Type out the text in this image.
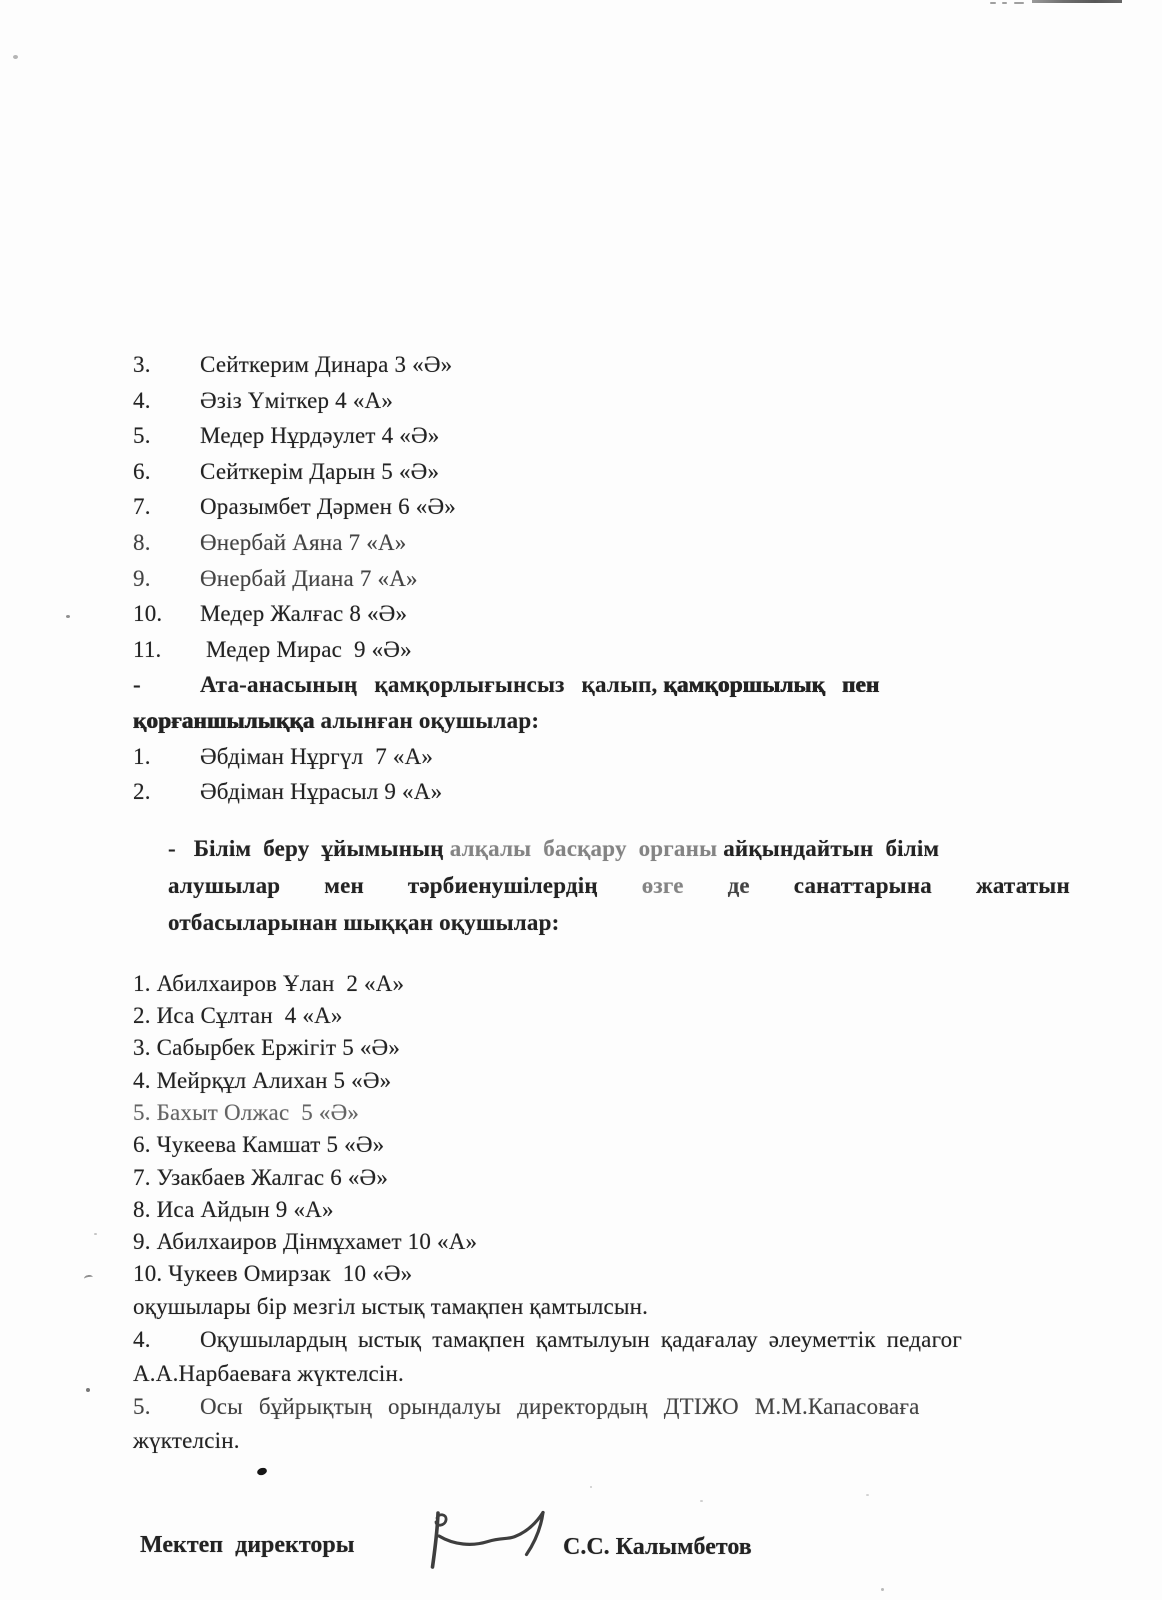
3. Сейткерим Динара 3 «Ә»
4. Әзіз Үміткер 4 «А»
5. Медер Нұрдәулет 4 «Ә»
6. Сейткерім Дарын 5 «Ә»
7. Оразымбет Дәрмен 6 «Ә»
8. Өнербай Аяна 7 «А»
9. Өнербай Диана 7 «А»
10. Медер Жалғас 8 «Ә»
11. Медер Мирас  9 «Ә»
-	Ата-анасының қамқорлығынсыз қалып, қамқоршылық пен
қорғаншылыққа алынған оқушылар:
1. Әбдіман Нұргүл  7 «А»
2. Әбдіман Нұрасыл 9 «А»
- Білім беру ұйымының алқалы басқару органы айқындайтын білім
алушылар мен тәрбиенушілердің өзге де санаттарына жататын
отбасыларынан шыққан оқушылар:
1. Абилхаиров Ұлан  2 «А»
2. Иса Сұлтан  4 «А»
3. Сабырбек Ержігіт 5 «Ә»
4. Мейрқұл Алихан 5 «Ә»
5. Бахыт Олжас  5 «Ә»
6. Чукеева Камшат 5 «Ә»
7. Узакбаев Жалгас 6 «Ә»
8. Иса Айдын 9 «А»
9. Абилхаиров Дінмұхамет 10 «А»
10. Чукеев Омирзак  10 «Ә»
оқушылары бір мезгіл ыстық тамақпен қамтылсын.
4. Оқушылардың ыстық тамақпен қамтылуын қадағалау әлеуметтік педагог
А.А.Нарбаеваға жүктелсін.
5. Осы бұйрықтың орындалуы директордың ДТІЖО М.М.Капасоваға
жүктелсін.
Мектеп  директоры	С.С. Калымбетов
